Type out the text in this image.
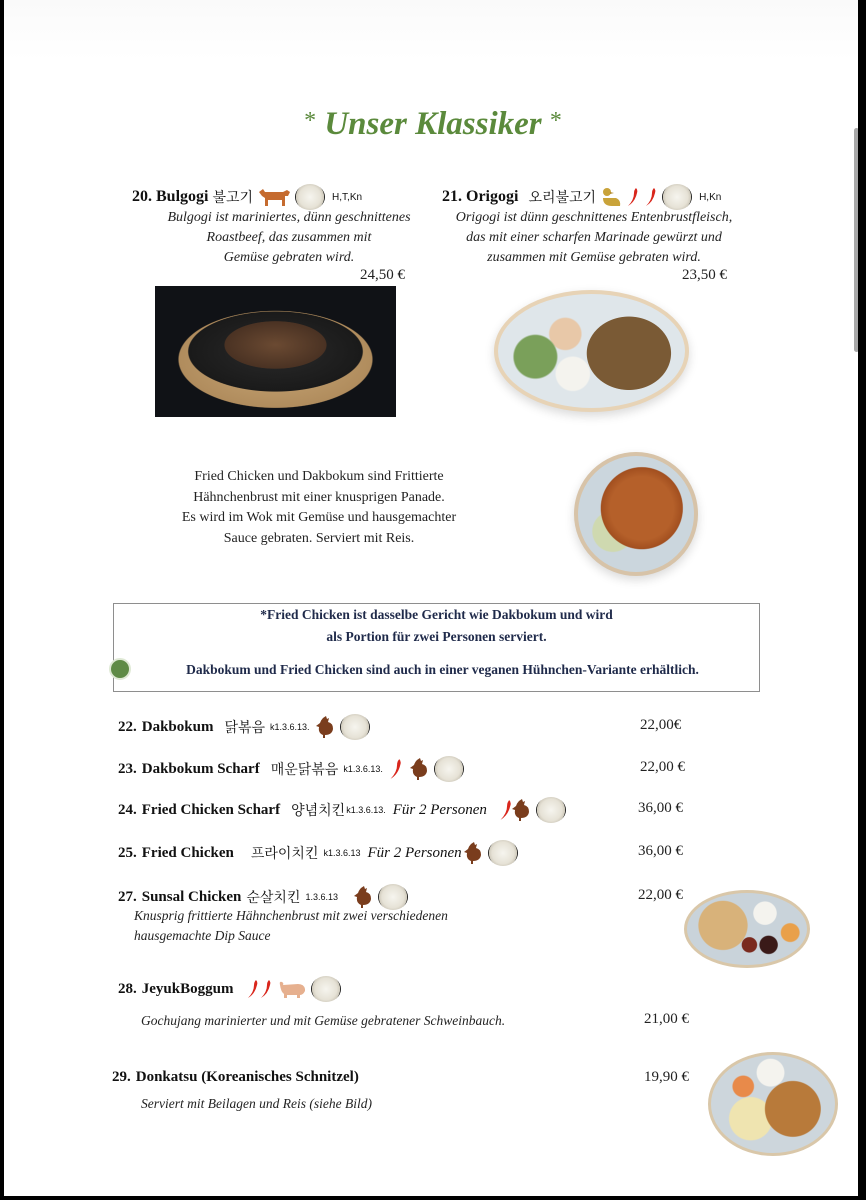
* Unser Klassiker *
20. Bulgogi 불고기	H,T,Kn
Bulgogi ist mariniertes, dünn geschnittenes
Roastbeef, das zusammen mit
Gemüse gebraten wird.
24,50 €
21. Origogi 오리불고기	H,Kn
Origogi ist dünn geschnittenes Entenbrustfleisch,
das mit einer scharfen Marinade gewürzt und
zusammen mit Gemüse gebraten wird.
23,50 €
Fried Chicken und Dakbokum sind Frittierte
Hähnchenbrust mit einer knusprigen Panade.
Es wird im Wok mit Gemüse und hausgemachter
Sauce gebraten. Serviert mit Reis.
*Fried Chicken ist dasselbe Gericht wie Dakbokum und wird
als Portion für zwei Personen serviert.
Dakbokum und Fried Chicken sind auch in einer veganen Hühnchen-Variante erhältlich.
22. Dakbokum 닭볶음 k1.3.6.13.	22,00€
23. Dakbokum Scharf 매운닭볶음 k1.3.6.13.	22,00 €
24. Fried Chicken Scharf 양념치킨 k1.3.6.13. Für 2 Personen	36,00 €
25. Fried Chicken 프라이치킨 k1.3.6.13 Für 2 Personen	36,00 €
27. Sunsal Chicken 순살치킨 1.3.6.13
Knusprig frittierte Hähnchenbrust mit zwei verschiedenen
hausgemachte Dip Sauce
22,00 €
28. JeyukBoggum
Gochujang marinierter und mit Gemüse gebratener Schweinbauch.	21,00 €
29. Donkatsu (Koreanisches Schnitzel)
Serviert mit Beilagen und Reis (siehe Bild)
19,90 €
